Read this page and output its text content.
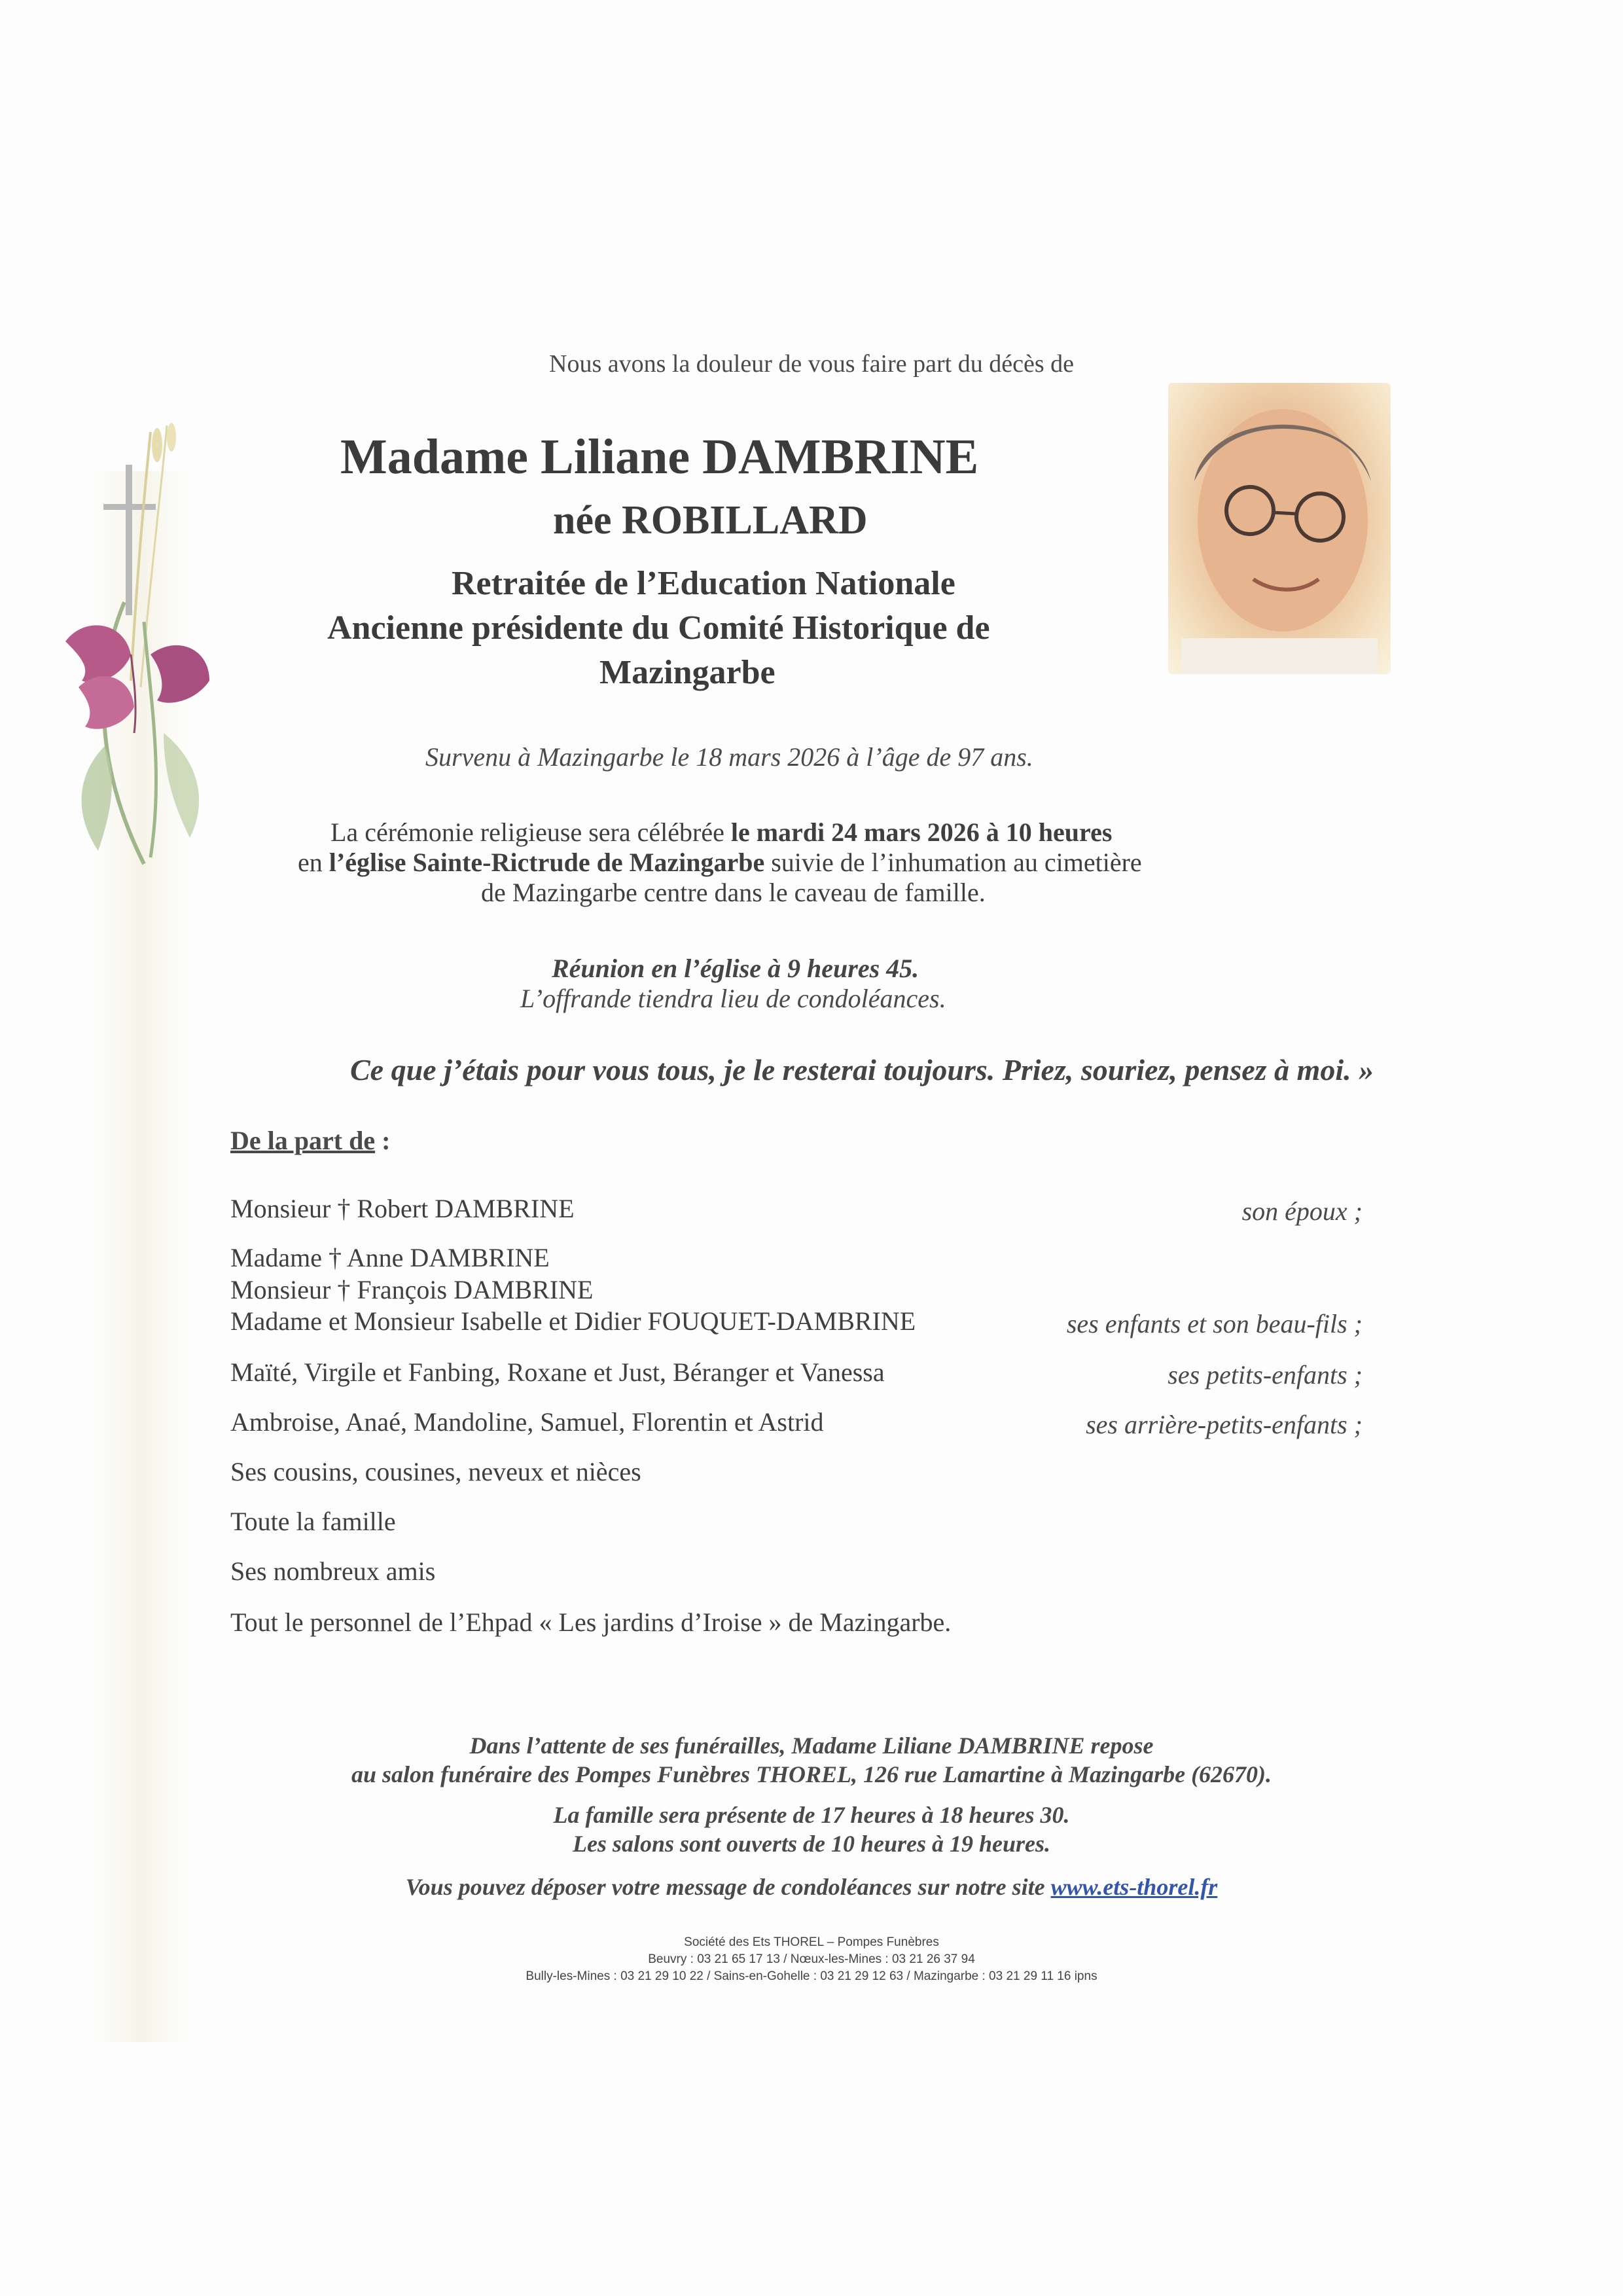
Nous avons la douleur de vous faire part du décès de
Madame Liliane DAMBRINE
née ROBILLARD
Retraitée de l’Education Nationale
Ancienne présidente du Comité Historique de
Mazingarbe
Survenu à Mazingarbe le 18 mars 2026 à l’âge de 97 ans.
La cérémonie religieuse sera célébrée le mardi 24 mars 2026 à 10 heures
en l’église Sainte-Rictrude de Mazingarbe suivie de l’inhumation au cimetière
de Mazingarbe centre dans le caveau de famille.
Réunion en l’église à 9 heures 45.
L’offrande tiendra lieu de condoléances.
Ce que j’étais pour vous tous, je le resterai toujours. Priez, souriez, pensez à moi. »
De la part de :
Monsieur † Robert DAMBRINE	son époux ;
Madame † Anne DAMBRINE
Monsieur † François DAMBRINE
Madame et Monsieur Isabelle et Didier FOUQUET-DAMBRINE	ses enfants et son beau-fils ;
Maïté, Virgile et Fanbing, Roxane et Just, Béranger et Vanessa	ses petits-enfants ;
Ambroise, Anaé, Mandoline, Samuel, Florentin et Astrid	ses arrière-petits-enfants ;
Ses cousins, cousines, neveux et nièces
Toute la famille
Ses nombreux amis
Tout le personnel de l’Ehpad « Les jardins d’Iroise » de Mazingarbe.
Dans l’attente de ses funérailles, Madame Liliane DAMBRINE repose
au salon funéraire des Pompes Funèbres THOREL, 126 rue Lamartine à Mazingarbe (62670).
La famille sera présente de 17 heures à 18 heures 30.
Les salons sont ouverts de 10 heures à 19 heures.
Vous pouvez déposer votre message de condoléances sur notre site www.ets-thorel.fr
Société des Ets THOREL – Pompes Funèbres
Beuvry : 03 21 65 17 13 / Nœux-les-Mines : 03 21 26 37 94
Bully-les-Mines : 03 21 29 10 22 / Sains-en-Gohelle : 03 21 29 12 63 / Mazingarbe : 03 21 29 11 16 ipns
